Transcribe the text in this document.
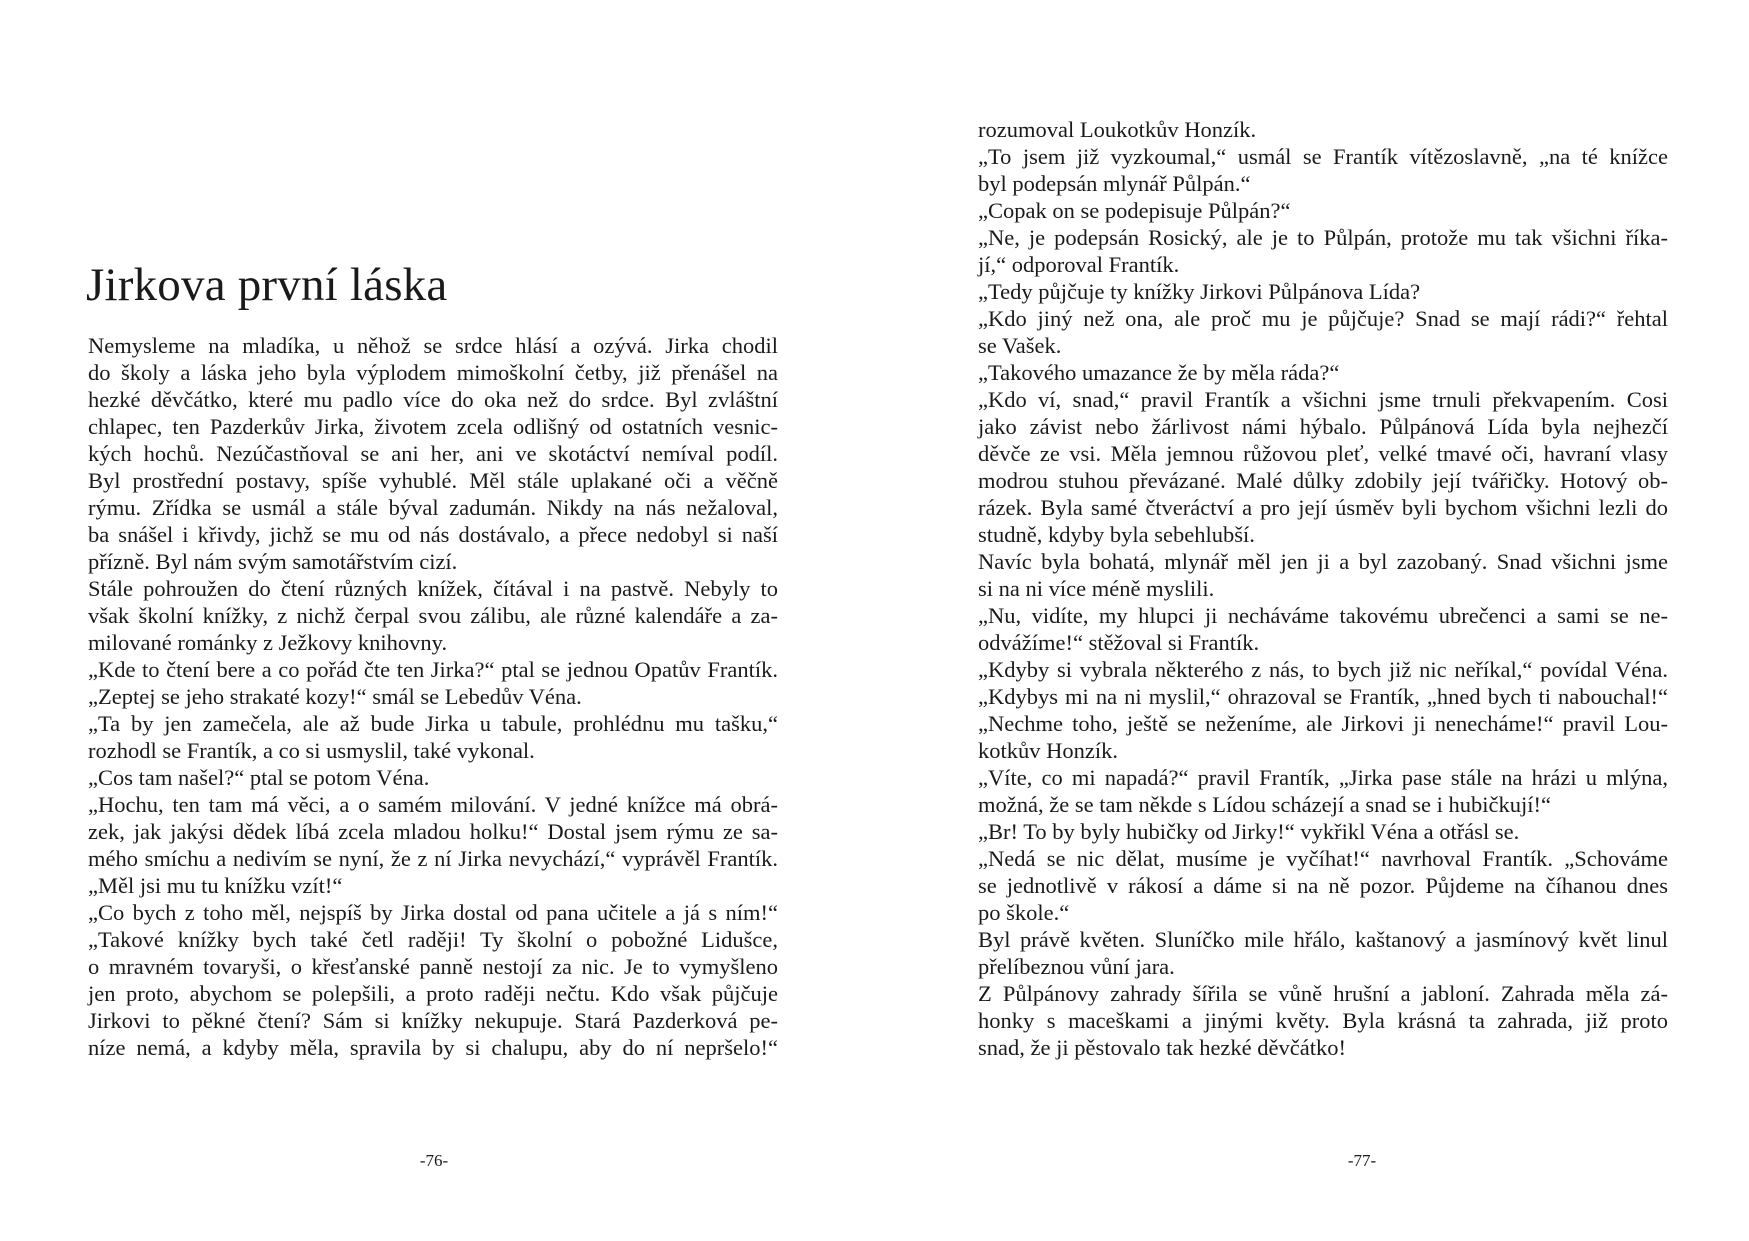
Jirkova první láska
Nemysleme na mladíka, u něhož se srdce hlásí a ozývá. Jirka chodil
do školy a láska jeho byla výplodem mimoškolní četby, již přenášel na
hezké děvčátko, které mu padlo více do oka než do srdce. Byl zvláštní
chlapec, ten Pazderkův Jirka, životem zcela odlišný od ostatních vesnic-
kých hochů. Nezúčastňoval se ani her, ani ve skotáctví nemíval podíl.
Byl prostřední postavy, spíše vyhublé. Měl stále uplakané oči a věčně
rýmu. Zřídka se usmál a stále býval zadumán. Nikdy na nás nežaloval,
ba snášel i křivdy, jichž se mu od nás dostávalo, a přece nedobyl si naší
přízně. Byl nám svým samotářstvím cizí.
Stále pohroužen do čtení různých knížek, čítával i na pastvě. Nebyly to
však školní knížky, z nichž čerpal svou zálibu, ale různé kalendáře a za-
milované románky z Ježkovy knihovny.
„Kde to čtení bere a co pořád čte ten Jirka?“ ptal se jednou Opatův Frantík.
„Zeptej se jeho strakaté kozy!“ smál se Lebedův Véna.
„Ta by jen zamečela, ale až bude Jirka u tabule, prohlédnu mu tašku,“
rozhodl se Frantík, a co si usmyslil, také vykonal.
„Cos tam našel?“ ptal se potom Véna.
„Hochu, ten tam má věci, a o samém milování. V jedné knížce má obrá-
zek, jak jakýsi dědek líbá zcela mladou holku!“ Dostal jsem rýmu ze sa-
mého smíchu a nedivím se nyní, že z ní Jirka nevychází,“ vyprávěl Frantík.
„Měl jsi mu tu knížku vzít!“
„Co bych z toho měl, nejspíš by Jirka dostal od pana učitele a já s ním!“
„Takové knížky bych také četl raději! Ty školní o pobožné Lidušce,
o mravném tovaryši, o křesťanské panně nestojí za nic. Je to vymyšleno
jen proto, abychom se polepšili, a proto raději nečtu. Kdo však půjčuje
Jirkovi to pěkné čtení? Sám si knížky nekupuje. Stará Pazderková pe-
níze nemá, a kdyby měla, spravila by si chalupu, aby do ní nepršelo!“
-76-
rozumoval Loukotkův Honzík.
„To jsem již vyzkoumal,“ usmál se Frantík vítězoslavně, „na té knížce
byl podepsán mlynář Půlpán.“
„Copak on se podepisuje Půlpán?“
„Ne, je podepsán Rosický, ale je to Půlpán, protože mu tak všichni říka-
jí,“ odporoval Frantík.
„Tedy půjčuje ty knížky Jirkovi Půlpánova Lída?
„Kdo jiný než ona, ale proč mu je půjčuje? Snad se mají rádi?“ řehtal
se Vašek.
„Takového umazance že by měla ráda?“
„Kdo ví, snad,“ pravil Frantík a všichni jsme trnuli překvapením. Cosi
jako závist nebo žárlivost námi hýbalo. Půlpánová Lída byla nejhezčí
děvče ze vsi. Měla jemnou růžovou pleť, velké tmavé oči, havraní vlasy
modrou stuhou převázané. Malé důlky zdobily její tvářičky. Hotový ob-
rázek. Byla samé čtveráctví a pro její úsměv byli bychom všichni lezli do
studně, kdyby byla sebehlubší.
Navíc byla bohatá, mlynář měl jen ji a byl zazobaný. Snad všichni jsme
si na ni více méně myslili.
„Nu, vidíte, my hlupci ji necháváme takovému ubrečenci a sami se ne-
odvážíme!“ stěžoval si Frantík.
„Kdyby si vybrala některého z nás, to bych již nic neříkal,“ povídal Véna.
„Kdybys mi na ni myslil,“ ohrazoval se Frantík, „hned bych ti nabouchal!“
„Nechme toho, ještě se neženíme, ale Jirkovi ji nenecháme!“ pravil Lou-
kotkův Honzík.
„Víte, co mi napadá?“ pravil Frantík, „Jirka pase stále na hrázi u mlýna,
možná, že se tam někde s Lídou scházejí a snad se i hubičkují!“
„Br! To by byly hubičky od Jirky!“ vykřikl Véna a otřásl se.
„Nedá se nic dělat, musíme je vyčíhat!“ navrhoval Frantík. „Schováme
se jednotlivě v rákosí a dáme si na ně pozor. Půjdeme na číhanou dnes
po škole.“
Byl právě květen. Sluníčko mile hřálo, kaštanový a jasmínový květ linul
přelíbeznou vůní jara.
Z Půlpánovy zahrady šířila se vůně hrušní a jabloní. Zahrada měla zá-
honky s maceškami a jinými květy. Byla krásná ta zahrada, již proto
snad, že ji pěstovalo tak hezké děvčátko!
-77-
